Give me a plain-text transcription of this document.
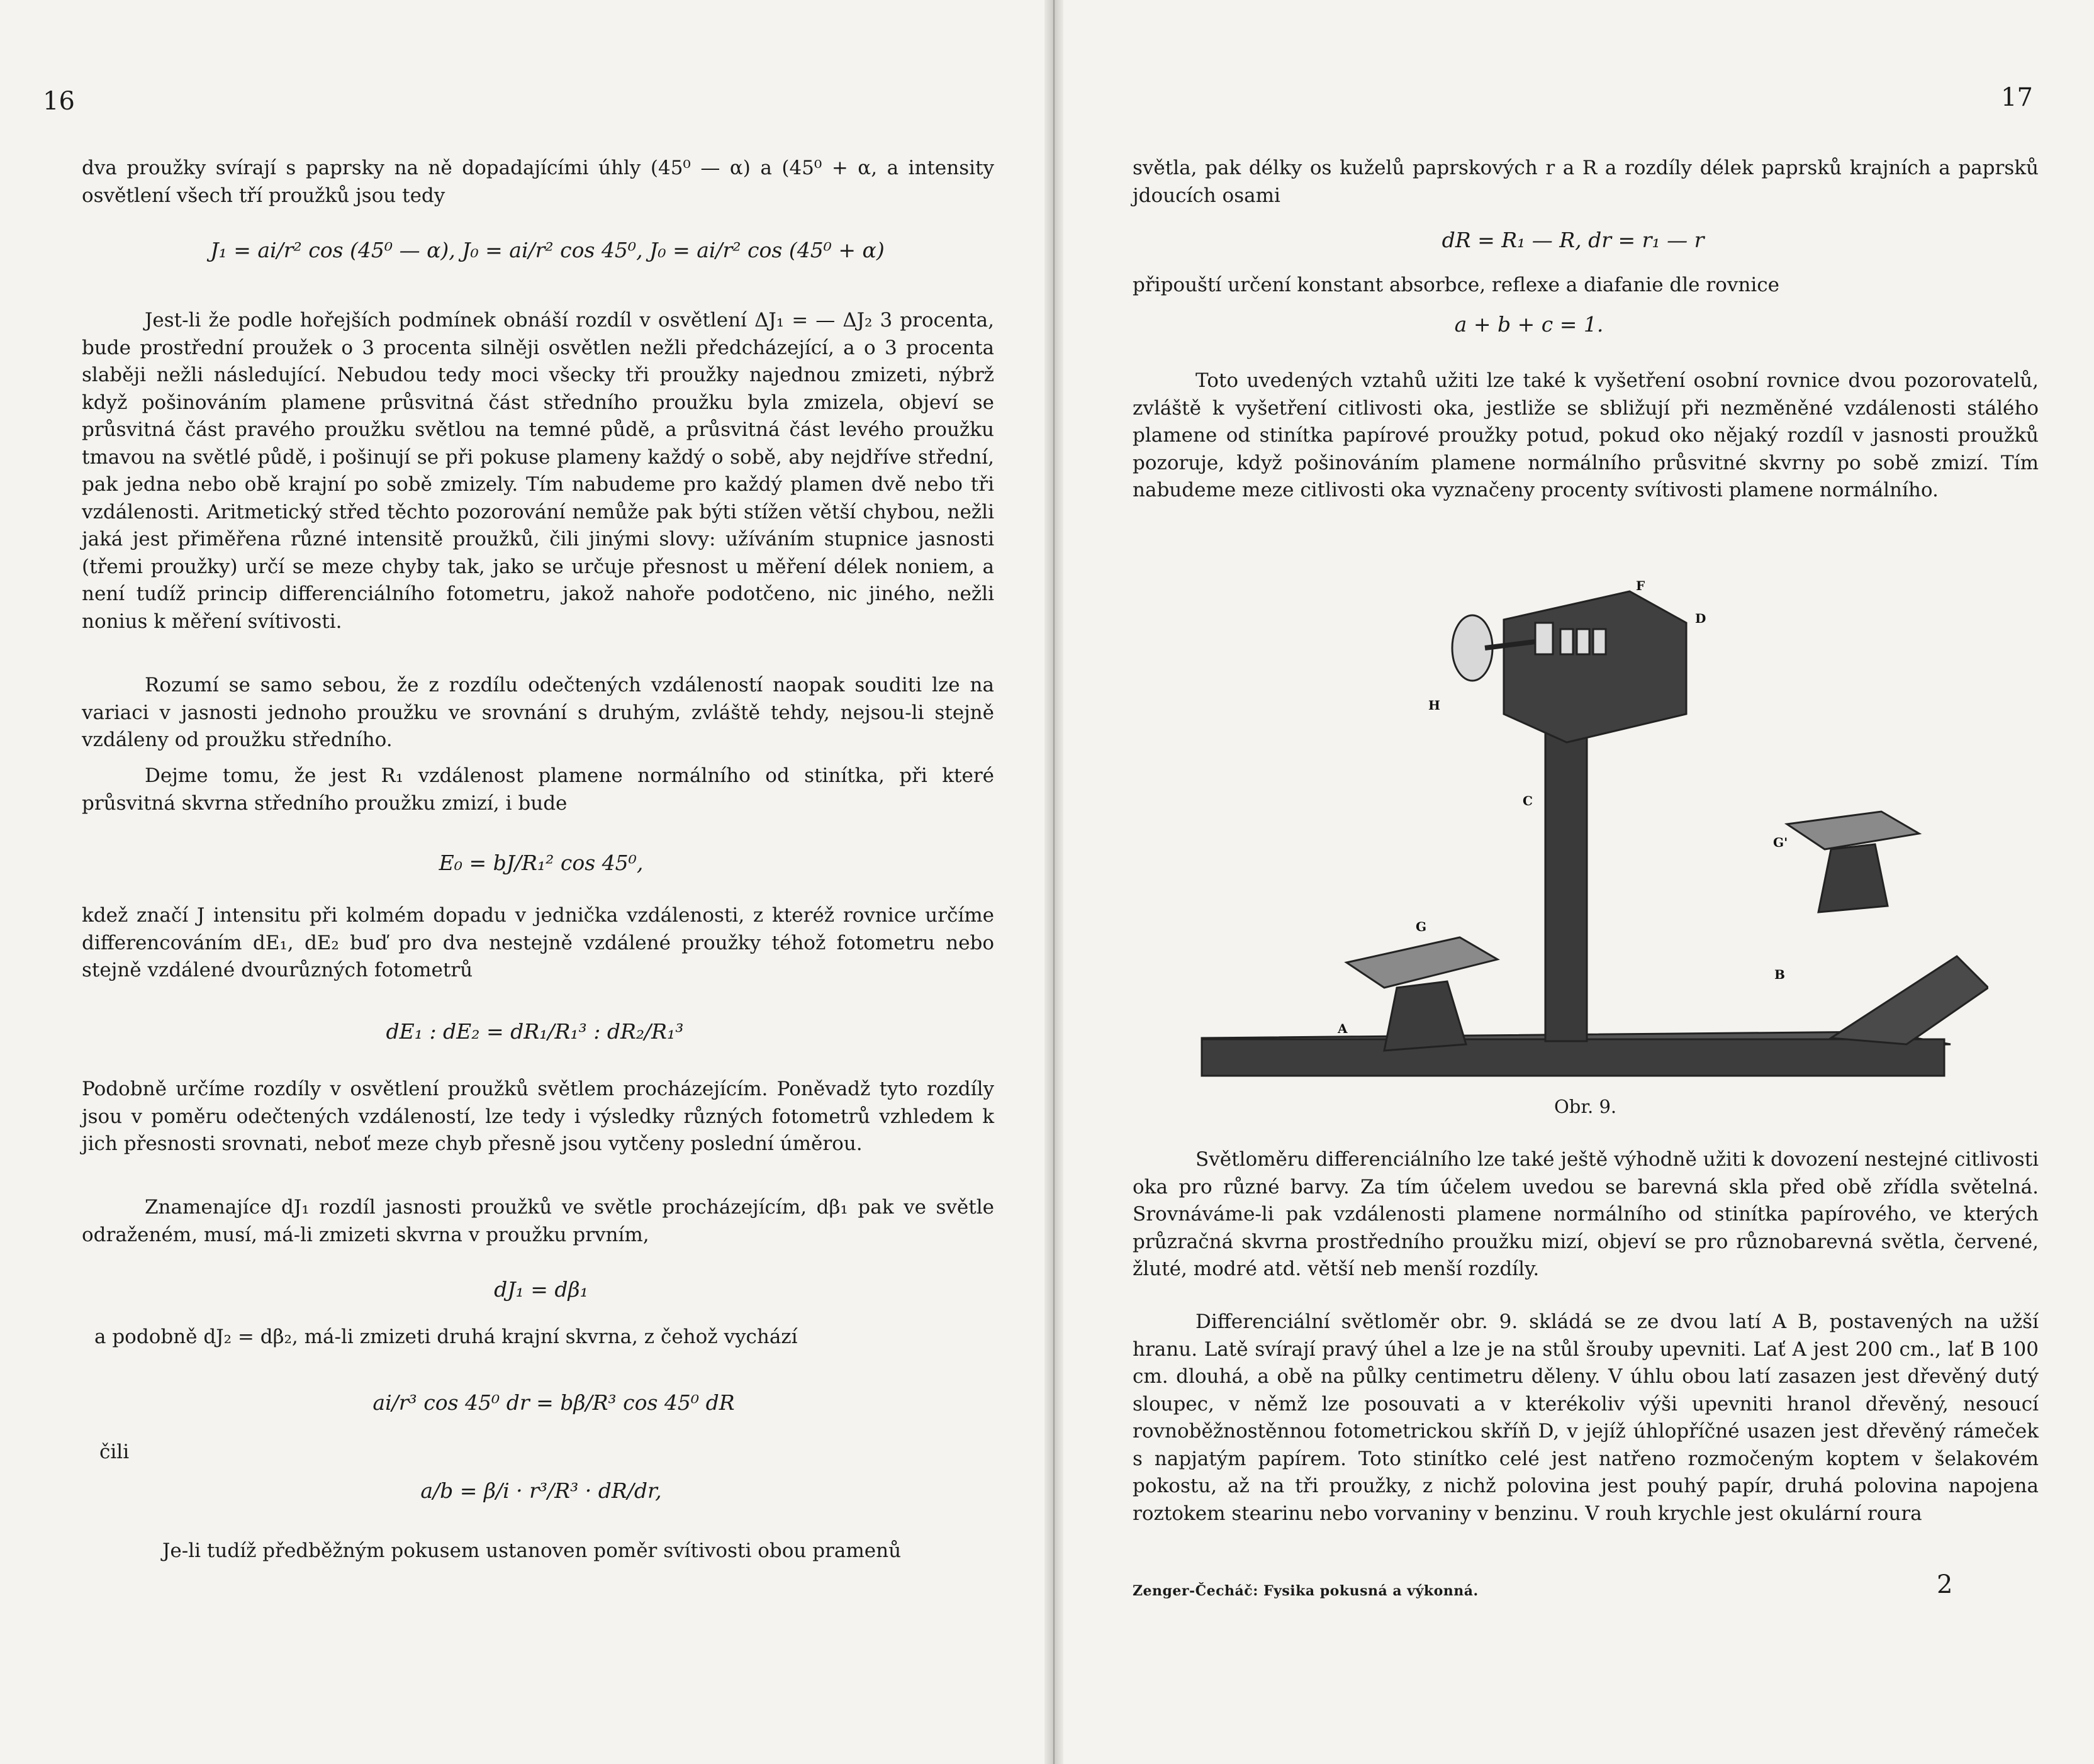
16

dva proužky svírají s paprsky na ně dopadajícími úhly (45⁰ — α) a (45⁰ + α, a intensity osvětlení všech tří proužků jsou tedy

J₁ = ai/r² cos (45⁰ — α), J₀ = ai/r² cos 45⁰, J₀ = ai/r² cos (45⁰ + α)

Jest-li že podle hořejších podmínek obnáší rozdíl v osvětlení ΔJ₁ = — ΔJ₂ 3 procenta, bude prostřední proužek o 3 procenta silněji osvětlen nežli předcházející, a o 3 procenta slaběji nežli následující. Nebudou tedy moci všecky tři proužky najednou zmizeti, nýbrž když pošinováním plamene průsvitná část středního proužku byla zmizela, objeví se průsvitná část pravého proužku světlou na temné půdě, a průsvitná část levého proužku tmavou na světlé půdě, i pošinují se při pokuse plameny každý o sobě, aby nejdříve střední, pak jedna nebo obě krajní po sobě zmizely. Tím nabudeme pro každý plamen dvě nebo tři vzdálenosti. Aritmetický střed těchto pozorování nemůže pak býti stížen větší chybou, nežli jaká jest přiměřena různé intensitě proužků, čili jinými slovy: užíváním stupnice jasnosti (třemi proužky) určí se meze chyby tak, jako se určuje přesnost u měření délek noniem, a není tudíž princip differenciálního fotometru, jakož nahoře podotčeno, nic jiného, nežli nonius k měření svítivosti.

Rozumí se samo sebou, že z rozdílu odečtených vzdáleností naopak souditi lze na variaci v jasnosti jednoho proužku ve srovnání s druhým, zvláště tehdy, nejsou-li stejně vzdáleny od proužku středního.

Dejme tomu, že jest R₁ vzdálenost plamene normálního od stinítka, při které průsvitná skvrna středního proužku zmizí, i bude

E₀ = bJ/R₁² cos 45⁰,

kdež značí J intensitu při kolmém dopadu v jednička vzdálenosti, z kteréž rovnice určíme differencováním dE₁, dE₂ buď pro dva nestejně vzdálené proužky téhož fotometru nebo stejně vzdálené dvourůzných fotometrů

dE₁ : dE₂ = dR₁/R₁³ : dR₂/R₁³

Podobně určíme rozdíly v osvětlení proužků světlem procházejícím. Poněvadž tyto rozdíly jsou v poměru odečtených vzdáleností, lze tedy i výsledky různých fotometrů vzhledem k jich přesnosti srovnati, neboť meze chyb přesně jsou vytčeny poslední úměrou.

Znamenajíce dJ₁ rozdíl jasnosti proužků ve světle procházejícím, dβ₁ pak ve světle odraženém, musí, má-li zmizeti skvrna v proužku prvním,

dJ₁ = dβ₁

a podobně dJ₂ = dβ₂, má-li zmizeti druhá krajní skvrna, z čehož vychází

ai/r³ cos 45⁰ dr = bβ/R³ cos 45⁰ dR
čili
a/b = β/i · r³/R³ · dR/dr,

Je-li tudíž předběžným pokusem ustanoven poměr svítivosti obou pramenů

17

světla, pak délky os kuželů paprskových r a R a rozdíly délek paprsků krajních a paprsků jdoucích osami

dR = R₁ — R, dr = r₁ — r

připouští určení konstant absorbce, reflexe a diafanie dle rovnice

a + b + c = 1.

Toto uvedených vztahů užiti lze také k vyšetření osobní rovnice dvou pozorovatelů, zvláště k vyšetření citlivosti oka, jestliže se sbližují při nezměněné vzdálenosti stálého plamene od stinítka papírové proužky potud, pokud oko nějaký rozdíl v jasnosti proužků pozoruje, když pošinováním plamene normálního průsvitné skvrny po sobě zmizí. Tím nabudeme meze citlivosti oka vyznačeny procenty svítivosti plamene normálního.

F
D
H
C
G
G'
B
A
Obr. 9.

Světloměru differenciálního lze také ještě výhodně užiti k dovození nestejné citlivosti oka pro různé barvy. Za tím účelem uvedou se barevná skla před obě zřídla světelná. Srovnáváme-li pak vzdálenosti plamene normálního od stinítka papírového, ve kterých průzračná skvrna prostředního proužku mizí, objeví se pro různobarevná světla, červené, žluté, modré atd. větší neb menší rozdíly.

Differenciální světloměr obr. 9. skládá se ze dvou latí A B, postavených na užší hranu. Latě svírají pravý úhel a lze je na stůl šrouby upevniti. Lať A jest 200 cm., lať B 100 cm. dlouhá, a obě na půlky centimetru děleny. V úhlu obou latí zasazen jest dřevěný dutý sloupec, v němž lze posouvati a v kterékoliv výši upevniti hranol dřevěný, nesoucí rovnoběžnostěnnou fotometrickou skříň D, v jejíž úhlopříčné usazen jest dřevěný rámeček s napjatým papírem. Toto stinítko celé jest natřeno rozmočeným koptem v šelakovém pokostu, až na tři proužky, z nichž polovina jest pouhý papír, druhá polovina napojena roztokem stearinu nebo vorvaniny v benzinu. V rouh krychle jest okulární roura

Zenger-Čecháč: Fysika pokusná a výkonná.	2
